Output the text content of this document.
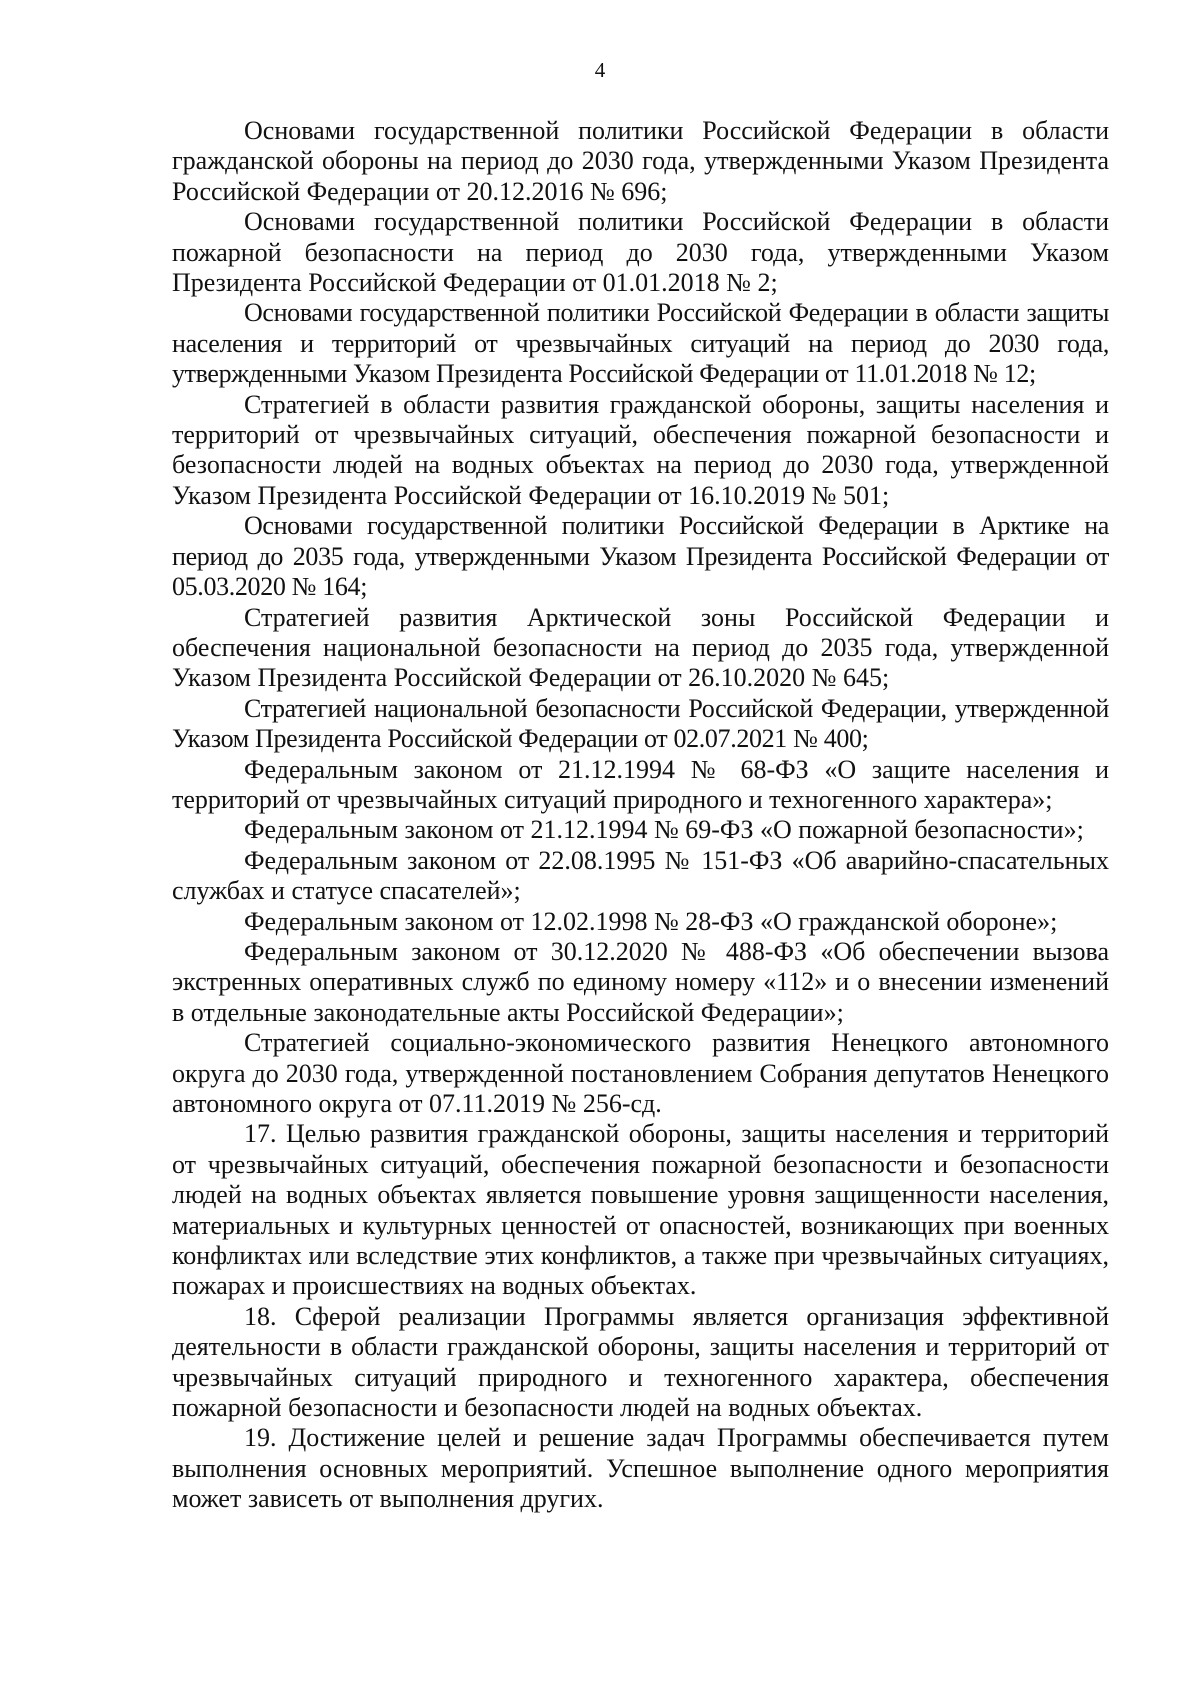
4

Основами государственной политики Российской Федерации в области гражданской обороны на период до 2030 года, утвержденными Указом Президента Российской Федерации от 20.12.2016 № 696;

Основами государственной политики Российской Федерации в области пожарной безопасности на период до 2030 года, утвержденными Указом Президента Российской Федерации от 01.01.2018 № 2;

Основами государственной политики Российской Федерации в области защиты населения и территорий от чрезвычайных ситуаций на период до 2030 года, утвержденными Указом Президента Российской Федерации от 11.01.2018 № 12;

Стратегией в области развития гражданской обороны, защиты населения и территорий от чрезвычайных ситуаций, обеспечения пожарной безопасности и безопасности людей на водных объектах на период до 2030 года, утвержденной Указом Президента Российской Федерации от 16.10.2019 № 501;

Основами государственной политики Российской Федерации в Арктике на период до 2035 года, утвержденными Указом Президента Российской Федерации от 05.03.2020 № 164;

Стратегией развития Арктической зоны Российской Федерации и обеспечения национальной безопасности на период до 2035 года, утвержденной Указом Президента Российской Федерации от 26.10.2020 № 645;

Стратегией национальной безопасности Российской Федерации, утвержденной Указом Президента Российской Федерации от 02.07.2021 № 400;

Федеральным законом от 21.12.1994 № 68-ФЗ «О защите населения и территорий от чрезвычайных ситуаций природного и техногенного характера»;

Федеральным законом от 21.12.1994 № 69-ФЗ «О пожарной безопасности»;

Федеральным законом от 22.08.1995 № 151-ФЗ «Об аварийно-спасательных службах и статусе спасателей»;

Федеральным законом от 12.02.1998 № 28-ФЗ «О гражданской обороне»;

Федеральным законом от 30.12.2020 № 488-ФЗ «Об обеспечении вызова экстренных оперативных служб по единому номеру «112» и о внесении изменений в отдельные законодательные акты Российской Федерации»;

Стратегией социально-экономического развития Ненецкого автономного округа до 2030 года, утвержденной постановлением Собрания депутатов Ненецкого автономного округа от 07.11.2019 № 256-сд.

17. Целью развития гражданской обороны, защиты населения и территорий от чрезвычайных ситуаций, обеспечения пожарной безопасности и безопасности людей на водных объектах является повышение уровня защищенности населения, материальных и культурных ценностей от опасностей, возникающих при военных конфликтах или вследствие этих конфликтов, а также при чрезвычайных ситуациях, пожарах и происшествиях на водных объектах.

18. Сферой реализации Программы является организация эффективной деятельности в области гражданской обороны, защиты населения и территорий от чрезвычайных ситуаций природного и техногенного характера, обеспечения пожарной безопасности и безопасности людей на водных объектах.

19. Достижение целей и решение задач Программы обеспечивается путем выполнения основных мероприятий. Успешное выполнение одного мероприятия может зависеть от выполнения других.
